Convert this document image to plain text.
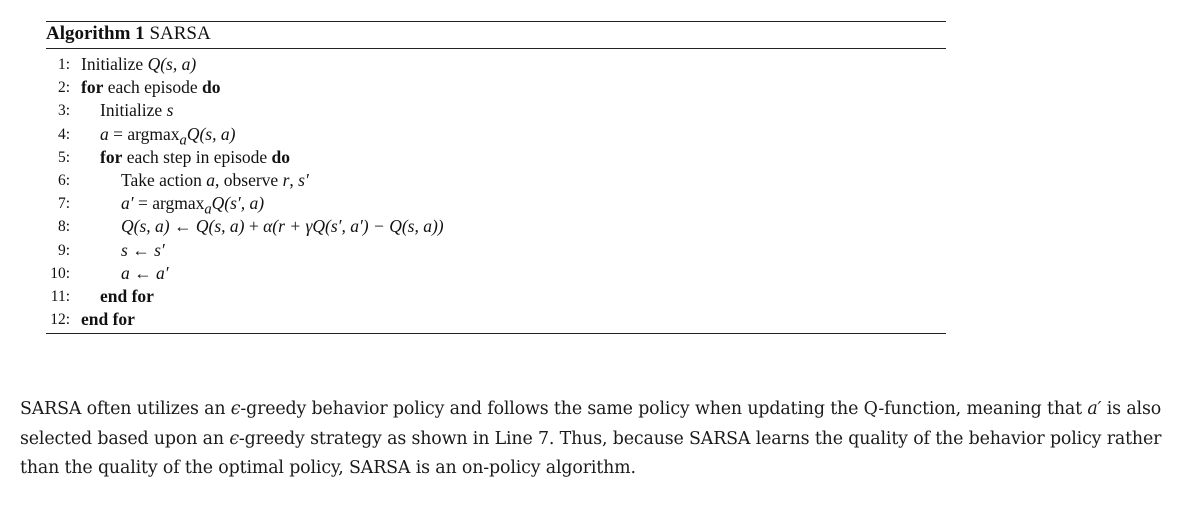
Algorithm 1 SARSA
1: Initialize Q(s, a)
2: for each episode do
3: Initialize s
4: a = argmax$_a$Q(s, a)
5: for each step in episode do
6:	Take action a, observe r, s′
7:	a′ = argmax$_a$Q(s′, a)
8:	Q(s, a) ← Q(s, a) + α(r + γQ(s′, a′) − Q(s, a))
9:	s ← s′
10:	a ← a′
11: end for
12: end for
SARSA often utilizes an ϵ-greedy behavior policy and follows the same policy when updating the Q-function, meaning that a′ is also selected based upon an ϵ-greedy strategy as shown in Line 7. Thus, because SARSA learns the quality of the behavior policy rather than the quality of the optimal policy, SARSA is an on-policy algorithm.
